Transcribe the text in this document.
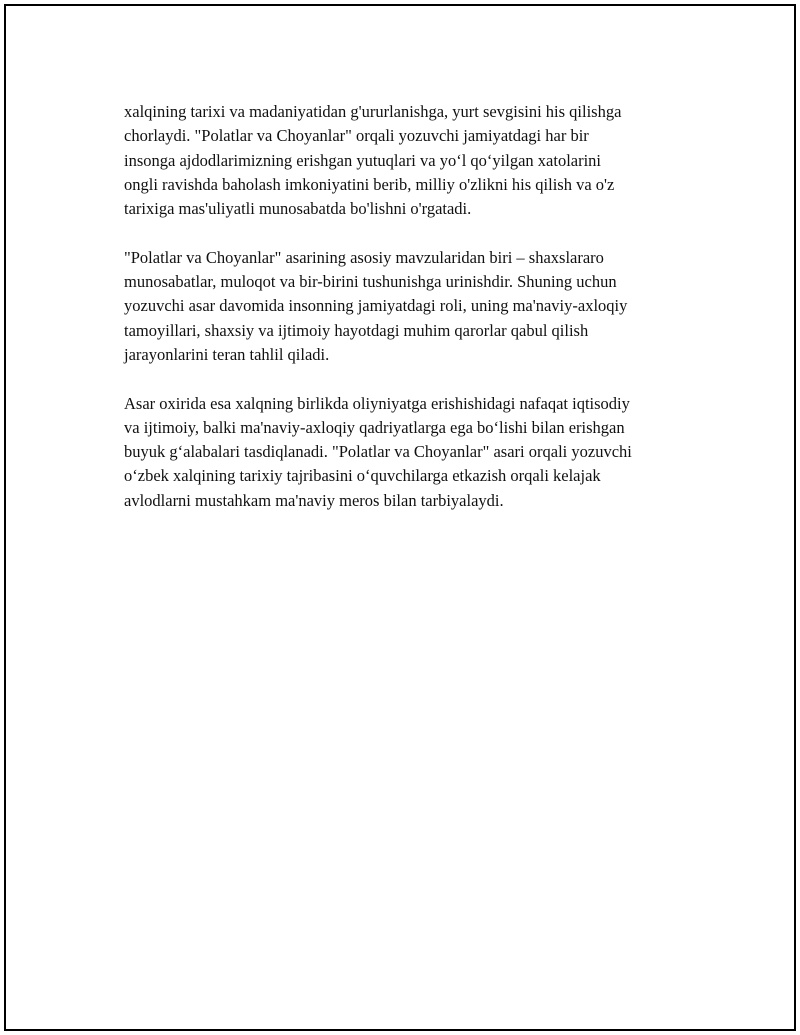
xalqining tarixi va madaniyatidan g'ururlanishga, yurt sevgisini his qilishga
chorlaydi. "Polatlar va Choyanlar" orqali yozuvchi jamiyatdagi har bir
insonga ajdodlarimizning erishgan yutuqlari va yo‘l qo‘yilgan xatolarini
ongli ravishda baholash imkoniyatini berib, milliy o'zlikni his qilish va o'z
tarixiga mas'uliyatli munosabatda bo'lishni o'rgatadi.

"Polatlar va Choyanlar" asarining asosiy mavzularidan biri – shaxslararo
munosabatlar, muloqot va bir-birini tushunishga urinishdir. Shuning uchun
yozuvchi asar davomida insonning jamiyatdagi roli, uning ma'naviy-axloqiy
tamoyillari, shaxsiy va ijtimoiy hayotdagi muhim qarorlar qabul qilish
jarayonlarini teran tahlil qiladi.

Asar oxirida esa xalqning birlikda oliyniyatga erishishidagi nafaqat iqtisodiy
va ijtimoiy, balki ma'naviy-axloqiy qadriyatlarga ega bo‘lishi bilan erishgan
buyuk g‘alabalari tasdiqlanadi. "Polatlar va Choyanlar" asari orqali yozuvchi
o‘zbek xalqining tarixiy tajribasini o‘quvchilarga etkazish orqali kelajak
avlodlarni mustahkam ma'naviy meros bilan tarbiyalaydi.
